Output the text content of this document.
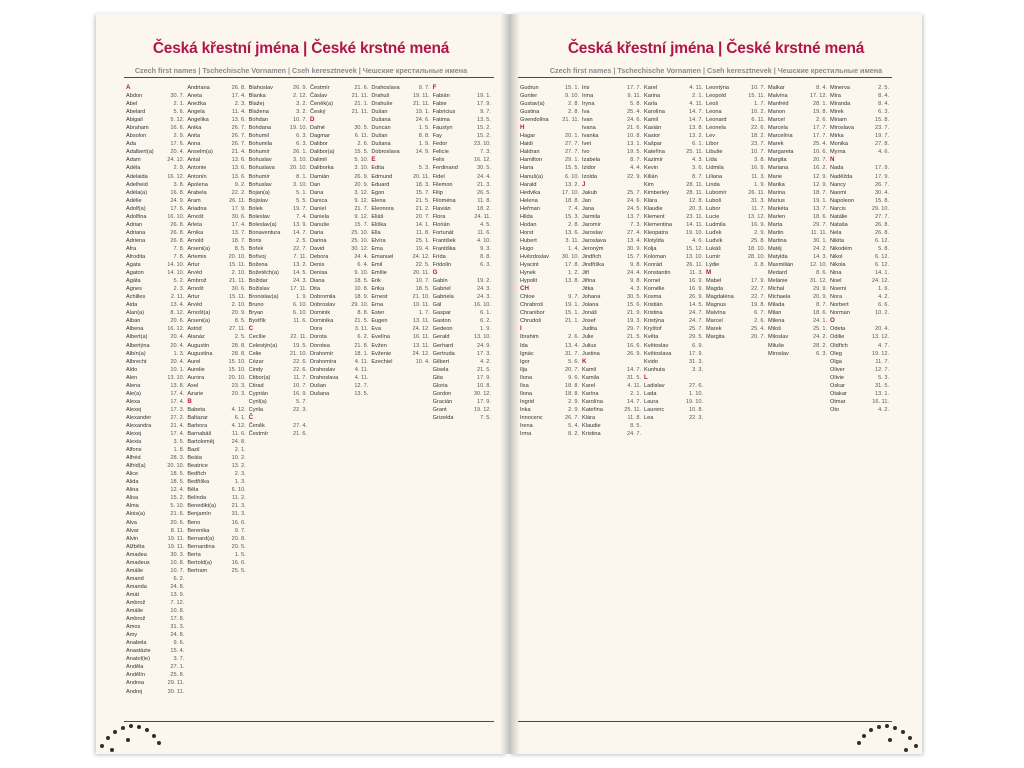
Česká křestní jména | České krstné mená
Czech first names | Tschechische Vornamen | Cseh keresztnevek | Чешские крестильные имена
A
Abdon	30. 7.
Abel	2. 1.
Abelard	5. 6.
Abigail	5. 12.
Abraham	16. 6.
Absolon	2. 9.
Ada	17. 6.
Adalbert(a)	20. 4.
Adam	24. 12.
Adéla	2. 9.
Adelaida	16. 12.
Adelheid	3. 8.
Adéla(a)	16. 8.
Adélie	24. 9.
Adolf(a)	17. 6.
Adolfína	16. 10.
Adrian	26. 8.
Adriana	26. 8.
Adriena	26. 8.
Afra	7. 8.
Afrodita	7. 8.
Agata	14. 10.
Agaton	14. 10.
Agáta	5. 2.
Agnes	2. 3.
Achilles	2. 11.
Aida	13. 4.
Alan(a)	8. 12.
Alban	20. 6.
Albena	16. 12.
Albert(a)	20. 4.
Albertýna	20. 4.
Albín(a)	1. 3.
Albrecht	20. 4.
Aldo	10. 1.
Alen	13. 10.
Alena	13. 8.
Ale(a)	17. 4.
Alexa	17. 4.
Alexej	17. 3.
Alexander	27. 2.
Alexandra	21. 4.
Alexej	17. 4.
Alexia	3. 5.
Alfons	1. 8.
Alfréd	28. 3.
Alfrid(a)	20. 10.
Alice	18. 5.
Alida	18. 5.
Alina	12. 4.
Alisa	15. 2.
Alma	5. 10.
Alois(a)	21. 6.
Alva	20. 6.
Alvar	8. 11.
Alvin	19. 11.
Alžběta	19. 11.
Amadea	30. 3.
Amadeus	10. 8.
Amálie	10. 7.
Amand	6. 2.
Amanda	24. 8.
Amát	13. 9.
Ambrož	7. 12.
Amálie	10. 8.
Ambrož	17. 8.
Amos	31. 3.
Amy	24. 8.
Anabela	9. 6.
Anastázie	15. 4.
Anatol(ie)	3. 7.
Anděla	27. 1.
Andělín	25. 8.
Andrea	29. 11.
Andrej	30. 11.
Andriana	26. 8.
Aneta	17. 4.
Anežka	2. 3.
Angela	11. 4.
Angelika	13. 6.
Anika	26. 7.
Anita	26. 7.
Anna	26. 7.
Anselm(a)	21. 4.
Antal	13. 6.
Antonie	13. 6.
Antonín	13. 6.
Apolena	9. 2.
Arabela	22. 2.
Aram	26. 11.
Ariadna	17. 9.
Arnošt	30. 6.
Arleta	17. 4.
Arnika	13. 7.
Arnold	18. 7.
Arseni(a)	8. 5.
Artemis	20. 10.
Artur	15. 11.
Arvéd	2. 10.
Ambrož	21. 11.
Arnošt	30. 6.
Artur	15. 11.
Arvéd	2. 10.
Arnošt(a)	20. 9.
Arseni(a)	8. 5.
Astrid	27. 11.
Atanáz	2. 5.
Augustin	28. 8.
Augustína	28. 8.
Aurel	15. 10.
Aurelie	15. 10.
Aurora	20. 10.
Axel	23. 3.
Azarie	20. 3.
B
Babeta	4. 12.
Baltazar	6. 1.
Barbora	4. 12.
Barnabáš	11. 6.
Bartoloměj	24. 8.
Bazil	2. 1.
Beáta	10. 2.
Beatrice	13. 2.
Bedřich	2. 3.
Bedřiška	1. 3.
Běla	6. 10.
Belinda	11. 2.
Benedikt(a)	21. 3.
Benjamín	31. 3.
Beno	16. 6.
Berenika	9. 7.
Bernard(a)	20. 8.
Bernardina	20. 5.
Berta	1. 5.
Bertold(a)	16. 6.
Bertram	25. 5.
Blahoslav	26. 9.
Blanka	2. 12.
Blažej	3. 2.
Blažena	3. 2.
Bohdan	10. 7.
Bohdana	19. 10.
Bohumil	6. 3.
Bohumila	6. 3.
Bohumír	26. 1.
Bohuslav	3. 10.
Bohuslava	20. 10.
Bohumír	8. 1.
Bohuslav	3. 10.
Bojan(a)	5. 1.
Bojislav	5. 5.
Bolek	19. 7.
Boleslav	7. 4.
Boleslav(a)	13. 9.
Bonaventura 14. 7.
Boris	2. 5.
Bořek	22. 7.
Bořivoj	7. 11.
Božena	13. 2.
Božetěch(a)	14. 5.
Božidar	24. 3.
Božislav	17. 11.
Bronislav(a)	1. 9.
Bruno	6. 10.
Bryan	6. 10.
Bystřík	11. 6.
C
Cecílie	22. 11.
Celestýn(a)	19. 5.
Celie	21. 10.
Cézar	22. 6.
Cindy	22. 6.
Ctibor(a)	11. 7.
Ctirad	10. 7.
Cyprián	16. 9.
Cyril(a)	5. 7.
Cyrila	22. 3.
Č
Čeněk	27. 4.
Čestmír	21. 6.
Čestmír	21. 6.
Čáslav	21. 11.
Čeněk(a)	21. 1.
Český	21. 11.
D
Dafné	30. 5.
Dagmar	6. 11.
Dalibor	2. 6.
Dalibor(a)	15. 5.
Dalimil	5. 10.
Daliborka	3. 10.
Damián	26. 9.
Dan	20. 9.
Dana	3. 12.
Danica	9. 12.
Daniel	21. 7.
Daniela	9. 12.
Danuše	15. 7.
Daria	25. 10.
Darina	25. 10.
David	30. 12.
Debora	24. 4.
Denis	6. 4.
Denisa	9. 10.
Diana	18. 5.
Dita	10. 8.
Dobromila	18. 9.
Dobroslav	29. 10.
Dominik	8. 8.
Dominika	21. 5.
Dora	3. 11.
Dorota	6. 2.
Dorotea	21. 8.
Drahomír	18. 1.
Drahomíra	4. 11.
Drahoslav	4. 11.
Drahoslava	4. 11.
Dušan	12. 7.
Dušana	13. 5.
Drahoslava	9. 7.
Drahuš	19. 11.
Drahuše	21. 11.
Dušan	19. 1.
Dušana	24. 6.
Duncan	1. 5.
Dušan	8. 8.
Dušana	1. 9.
Dobroslava	14. 9.
E
Edita	5. 3.
Edmund	20. 11.
Eduard	18. 3.
Egon	15. 7.
Elena	21. 5.
Eleonora	21. 2.
Eliáš	20. 7.
Eliška	14. 1.
Ella	11. 8.
Elvíra	25. 1.
Ema	19. 4.
Emanuel	24. 12.
Emil	22. 5.
Emílie	20. 11.
Erik	10. 7.
Erika	18. 5.
Ernest	21. 10.
Erna	10. 11.
Ester	1. 7.
Eugen	13. 11.
Eva	24. 12.
Evelína	16. 11.
Evžen	13. 11.
Evženie	24. 12.
Ezechiel	10. 4.
F
Fabián	19. 1.
Fabie	17. 9.
Fabricius	9. 7.
Fatima	13. 5.
Faustyn	15. 2.
Fay	15. 2.
Fedor	23. 10.
Felicie	7. 3.
Felix	16. 12.
Ferdinand	30. 5.
Fidel	24. 4.
Filemon	21. 3.
Filip	26. 5.
Filoména	11. 8.
Flavián	18. 2.
Flora	24. 11.
Florián	4. 5.
Fortunát	11. 6.
František	4. 10.
Františka	9. 3.
Frída	8. 8.
Fridolín	6. 3.
G
Gabin	19. 2.
Gabriel	24. 3.
Gabriela	24. 3.
Gál	16. 10.
Gaspar	6. 1.
Gaston	6. 2.
Gedeon	1. 9.
Gerald	13. 10.
Gerhard	24. 9.
Gertruda	17. 3.
Gilbert	4. 2.
Gisela	21. 5.
Gita	17. 9.
Gloria	10. 8.
Gordon	30. 12.
Gracián	17. 9.
Grant	19. 12.
Grizelda	7. 5.
Česká křestní jména | České krstné mená
Czech first names | Tschechische Vornamen | Cseh keresztnevek | Чешские крестильные имена
Gudrun	15. 1.
Gunter	9. 10.
Gustav(a)	2. 8.
Gustina	2. 8.
Gvendolína 21. 11.
H
Hagar	20. 1.
Haidi	27. 7.
Haldran	27. 7.
Hamilton	29. 1.
Hana	15. 5.
Hanuš(a)	6. 10.
Harald	13. 2.
Hedvika	17. 10.
Helena	18. 8.
Heřman	7. 4.
Hilda	15. 3.
Hodan	2. 8.
Horst	13. 6.
Hubert	3. 11.
Hugo	1. 4.
Hvězdoslav 30. 10.
Hyacint	17. 8.
Hynek	1. 2.
Hypolit	13. 8.
CH
Chloe	9. 7.
Chrabroš	19. 1.
Chranibor	15. 1.
Chrudoš	21. 1.
I
Ibrahim	2. 6.
Ida	13. 4.
Ignác	31. 7.
Igor	5. 6.
Ilja	20. 7.
Ilona	9. 6.
Ilsa	18. 8.
Ilona	18. 8.
Ingrid	2. 9.
Inka	2. 9.
Innocenc	26. 7.
Irena	5. 4.
Irma	8. 2.
Iris	17. 7.
Irma	9. 11.
Iryna	5. 8.
Iva	25. 4.
Ivan	24. 6.
Ivana	21. 6.
Ivanka	10. 8.
Ivet	13. 1.
Ivo	19. 5.
Izabela	8. 7.
Izidor	4. 4.
Izolda	22. 9.
J
Jakub	25. 7.
Jan	24. 6.
Jana	24. 5.
Jarmila	13. 7.
Jaromír	7. 3.
Jaroslav	27. 4.
Jaroslava	13. 4.
Jeroným	30. 9.
Jindřich	15. 7.
Jindřiška	9. 8.
Jiří	24. 4.
Jiřina	9. 8.
Jitka	4. 3.
Johana	30. 5.
Jolana	15. 6.
Jonáš	21. 9.
Josef	19. 3.
Judita	29. 7.
Julie	21. 5.
Julius	16. 6.
Justina	26. 9.
K
Kamil	14. 7.
Kamila	31. 5.
Karel	4. 11.
Karína	2. 1.
Karolína	14. 7.
Kateřina	25. 11.
Klára	11. 8.
Klaudie	8. 5.
Kristina	24. 7.
Karel	4. 11.
Karina	2. 1.
Karla	4. 11.
Karolína	14. 7.
Kamil	14. 7.
Kasián	13. 8.
Kastor	13. 2.
Kašpar	6. 1.
Kateřina	25. 11.
Kazimír	4. 3.
Kevin	3. 6.
Kilián	8. 7.
Kim	28. 11.
Kimberley	28. 11.
Klára	12. 8.
Klaudie	20. 3.
Klement	23. 11.
Klementina	14. 11.
Kleopatra	19. 10.
Klotylda	4. 6.
Kolja	15. 12.
Koloman	13. 10.
Konrád	26. 11.
Konstantin	11. 3.
Kornel	16. 9.
Kornélie	16. 9.
Kosma	26. 9.
Kristián	14. 5.
Kristina	24. 7.
Kristýna	24. 7.
Kryštof	25. 7.
Květa	29. 5.
Květoslav	6. 9.
Květoslava	17. 9.
Kvido	31. 3.
Kunhuta	3. 3.
L
Ladislav	27. 6.
Lada	1. 10.
Laura	19. 10.
Laurenc	10. 8.
Lea	22. 3.
Leontýna	10. 7.
Leopold	15. 11.
Leoš	1. 7.
Leona	10. 2.
Leonard	6. 11.
Leonela	22. 6.
Lev	18. 2.
Libor	23. 7.
Libuše	10. 7.
Lída	3. 8.
Lidmila	16. 9.
Liliana	11. 3.
Linda	1. 9.
Lubomír	26. 11.
Luboš	31. 3.
Lubor	11. 7.
Lucie	13. 12.
Ludmila	16. 9.
Luďek	2. 9.
Ludvík	25. 8.
Lukáš	18. 10.
Lumír	28. 10.
Lýdie	3. 8.
M
Mabel	17. 9.
Magda	22. 7.
Magdaléna	22. 7.
Magnus	19. 8.
Malvína	6. 7.
Marcel	2. 6.
Marek	25. 4.
Margita	20. 7.
Malkar	8. 4.
Malvína	17. 12.
Manfréd	28. 1.
Manon	19. 8.
Marcel	2. 6.
Marcela	17. 7.
Marcelína	17. 7.
Marek	25. 4.
Margareta	10. 6.
Margita	20. 7.
Mariana	16. 2.
Marie	12. 9.
Marika	12. 9.
Marina	18. 7.
Marius	19. 1.
Markéta	13. 7.
Marlen	18. 6.
Marta	29. 7.
Martin	11. 11.
Martina	30. 1.
Matěj	24. 2.
Matylda	14. 3.
Maxmilián	12. 10.
Medard	8. 6.
Melánie	31. 12.
Michal	29. 9.
Michaela	20. 9.
Milada	8. 7.
Milan	18. 6.
Milena	24. 1.
Miloš	25. 1.
Miloslav	24. 2.
Miluše	28. 2.
Miroslav	6. 3.
Minerva	2. 5.
Mira	8. 4.
Miranda	8. 4.
Mirek	6. 3.
Miriam	15. 8.
Miroslava	23. 7.
Mirka	19. 7.
Monika	27. 8.
Myrna	4. 6.
N
Nada	17. 9.
Naděžda	17. 9.
Nancy	26. 7.
Naomi	30. 4.
Napoleon	15. 8.
Narcis	29. 10.
Natálie	27. 7.
Nataša	26. 8.
Nela	26. 8.
Nikita	6. 12.
Nikodém	5. 8.
Nikol	6. 12.
Nikola	6. 12.
Nina	14. 1.
Noel	24. 12.
Noemi	1. 6.
Nora	4. 2.
Norbert	6. 6.
Norman	10. 2.
O
Odeta	20. 4.
Odilie	13. 12.
Oldřich	4. 7.
Oleg	19. 12.
Olga	11. 7.
Oliver	12. 7.
Olivie	5. 3.
Oskar	31. 5.
Otakar	13. 1.
Otmar	16. 11.
Oto	4. 2.
